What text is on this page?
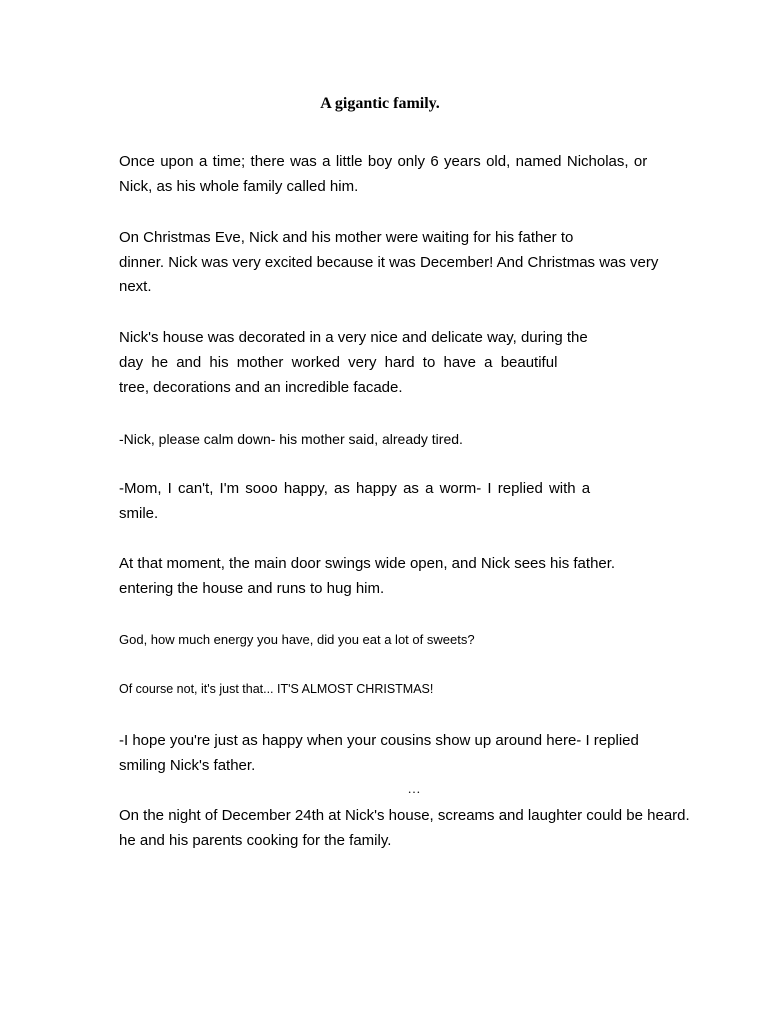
A gigantic family.

Once upon a time; there was a little boy only 6 years old, named Nicholas, or

Nick, as his whole family called him.

On Christmas Eve, Nick and his mother were waiting for his father to

dinner. Nick was very excited because it was December! And Christmas was very

next.

Nick's house was decorated in a very nice and delicate way, during the

day he and his mother worked very hard to have a beautiful

tree, decorations and an incredible facade.

-Nick, please calm down- his mother said, already tired.

-Mom, I can't, I'm sooo happy, as happy as a worm- I replied with a

smile.

At that moment, the main door swings wide open, and Nick sees his father.

entering the house and runs to hug him.

God, how much energy you have, did you eat a lot of sweets?

Of course not, it's just that... IT'S ALMOST CHRISTMAS!

-I hope you're just as happy when your cousins show up around here- I replied

smiling Nick's father.

…

On the night of December 24th at Nick's house, screams and laughter could be heard.

he and his parents cooking for the family.
